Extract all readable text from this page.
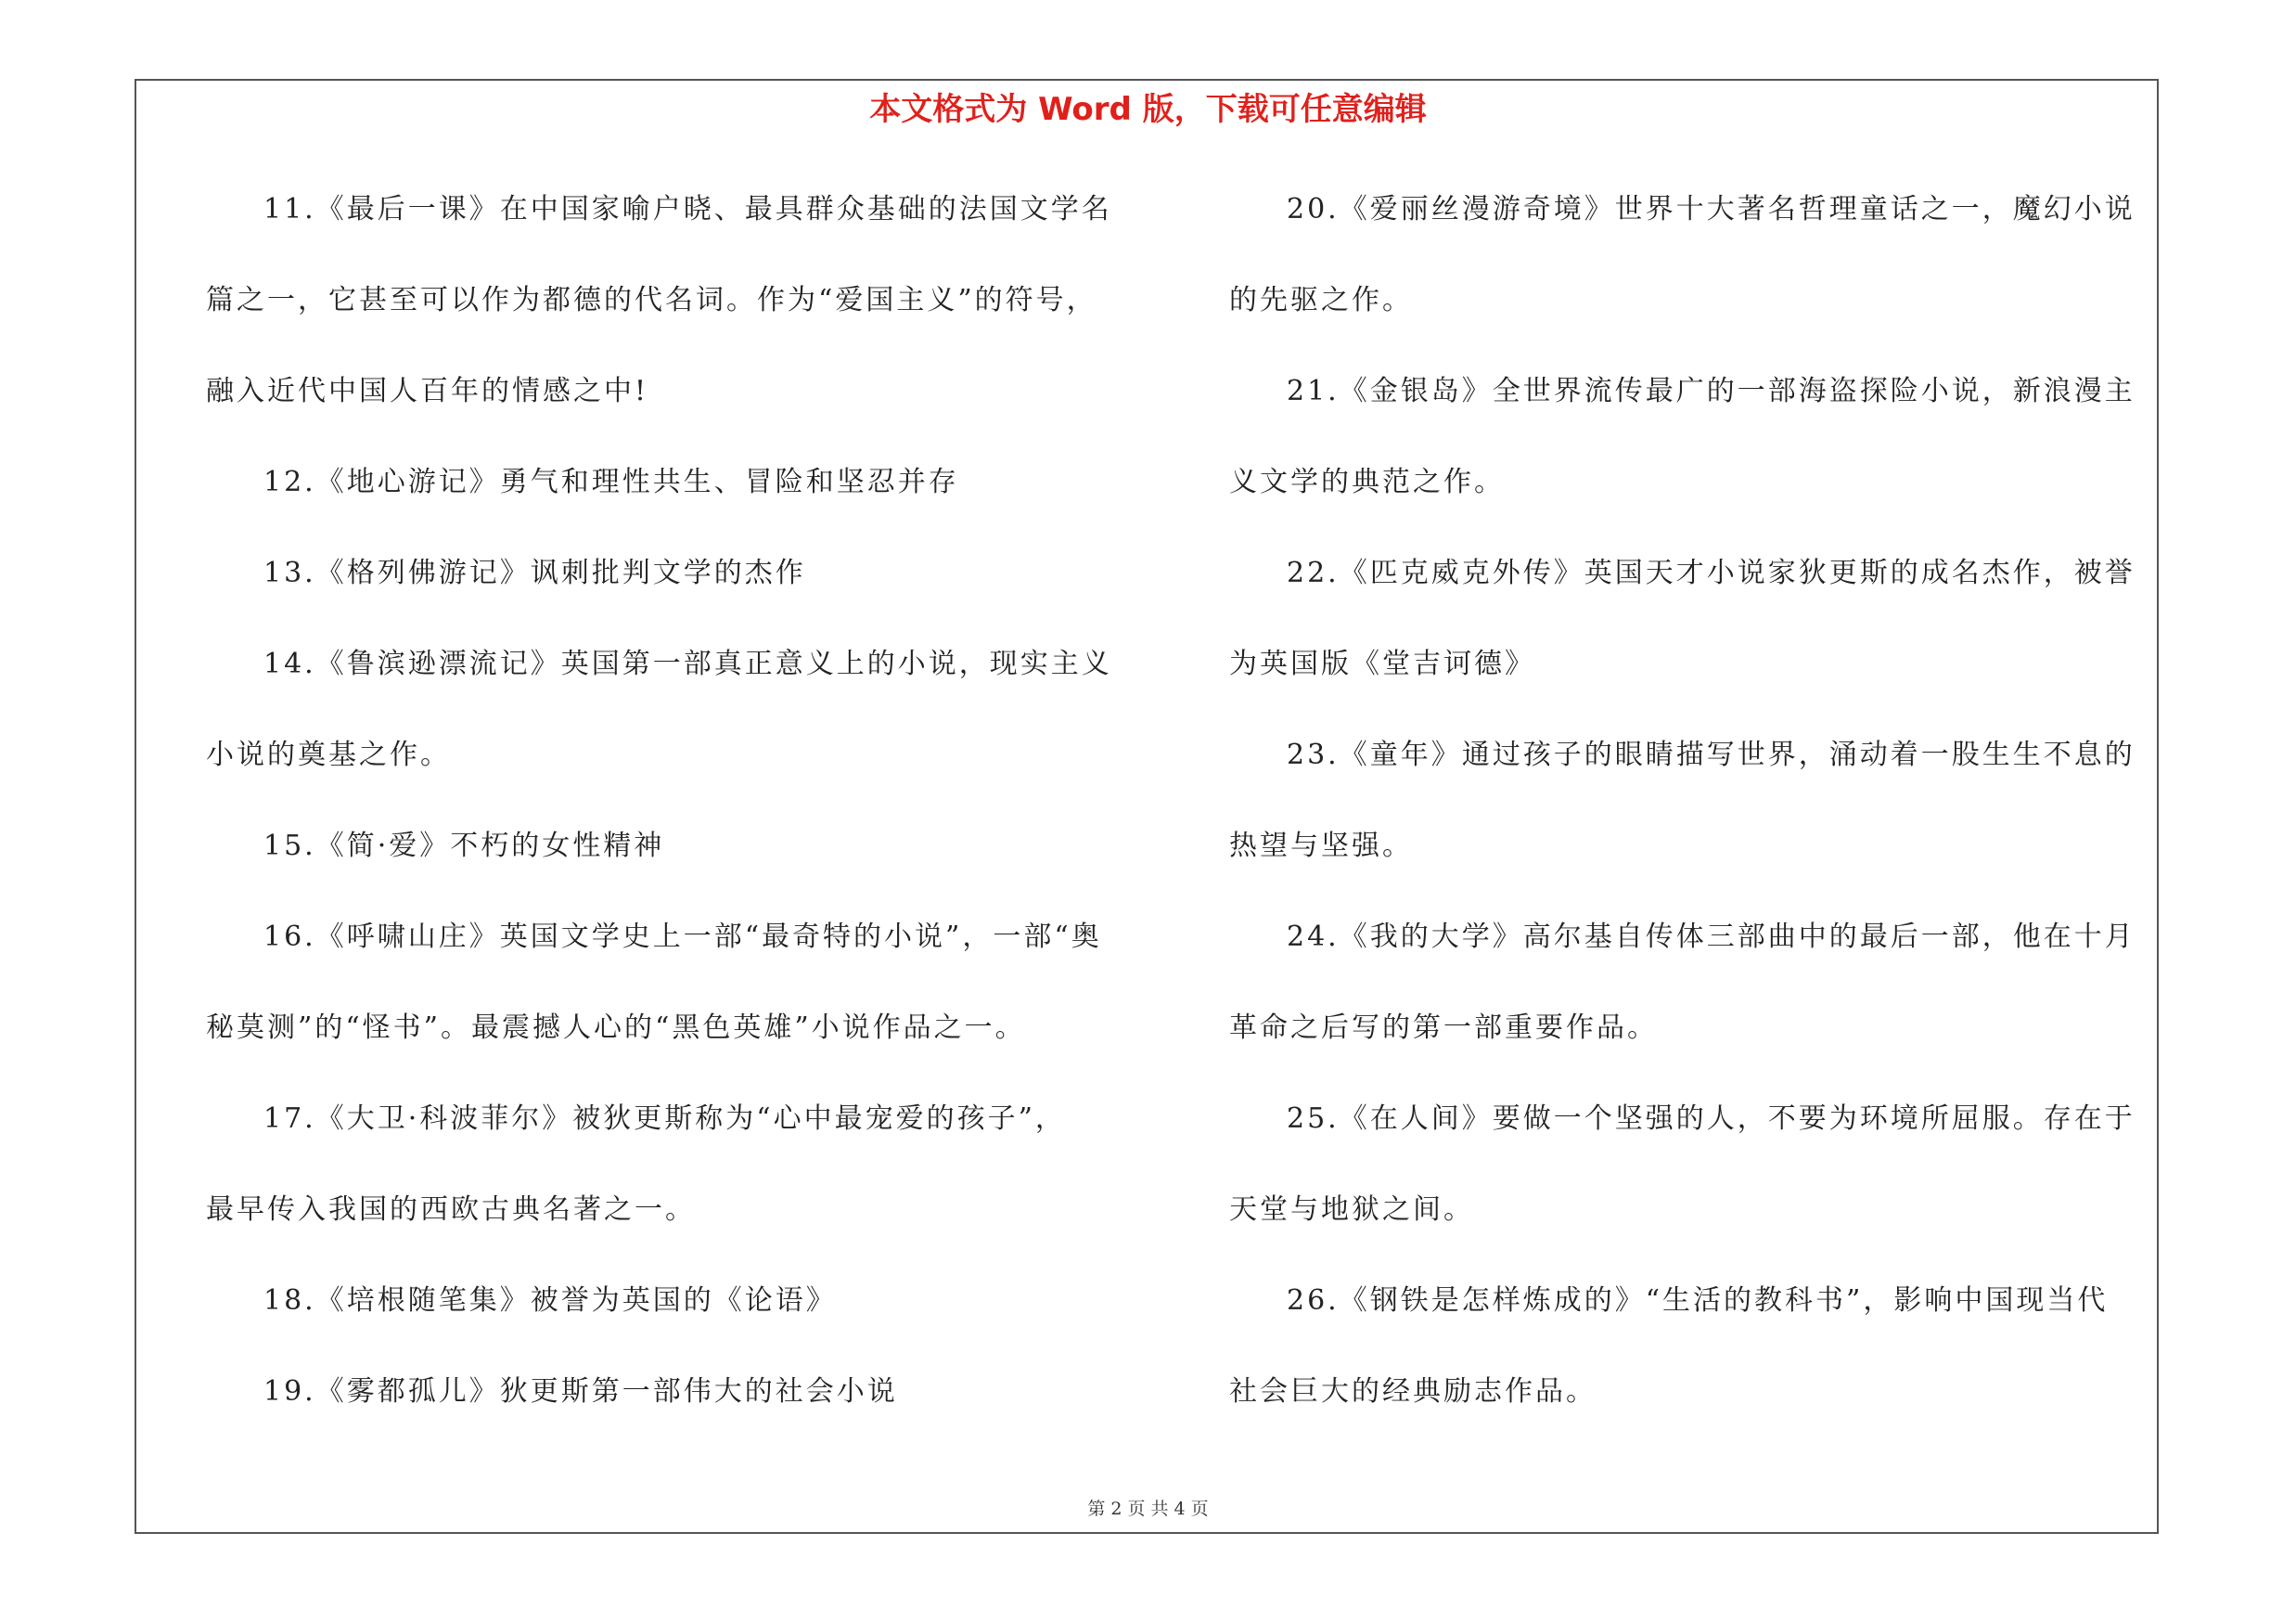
本文格式为 Word 版，下载可任意编辑
11.《最后一课》在中国家喻户晓、最具群众基础的法国文学名
篇之一，它甚至可以作为都德的代名词。作为“爱国主义”的符号，
融入近代中国人百年的情感之中!
12.《地心游记》勇气和理性共生、冒险和坚忍并存
13.《格列佛游记》讽刺批判文学的杰作
14.《鲁滨逊漂流记》英国第一部真正意义上的小说，现实主义
小说的奠基之作。
15.《简·爱》不朽的女性精神
16.《呼啸山庄》英国文学史上一部“最奇特的小说”，一部“奥
秘莫测”的“怪书”。最震撼人心的“黑色英雄”小说作品之一。
17.《大卫·科波菲尔》被狄更斯称为“心中最宠爱的孩子”，
最早传入我国的西欧古典名著之一。
18.《培根随笔集》被誉为英国的《论语》
19.《雾都孤儿》狄更斯第一部伟大的社会小说
20.《爱丽丝漫游奇境》世界十大著名哲理童话之一，魔幻小说
的先驱之作。
21.《金银岛》全世界流传最广的一部海盗探险小说，新浪漫主
义文学的典范之作。
22.《匹克威克外传》英国天才小说家狄更斯的成名杰作，被誉
为英国版《堂吉诃德》
23.《童年》通过孩子的眼睛描写世界，涌动着一股生生不息的
热望与坚强。
24.《我的大学》高尔基自传体三部曲中的最后一部，他在十月
革命之后写的第一部重要作品。
25.《在人间》要做一个坚强的人，不要为环境所屈服。存在于
天堂与地狱之间。
26.《钢铁是怎样炼成的》“生活的教科书”，影响中国现当代
社会巨大的经典励志作品。
第 2 页 共 4 页
